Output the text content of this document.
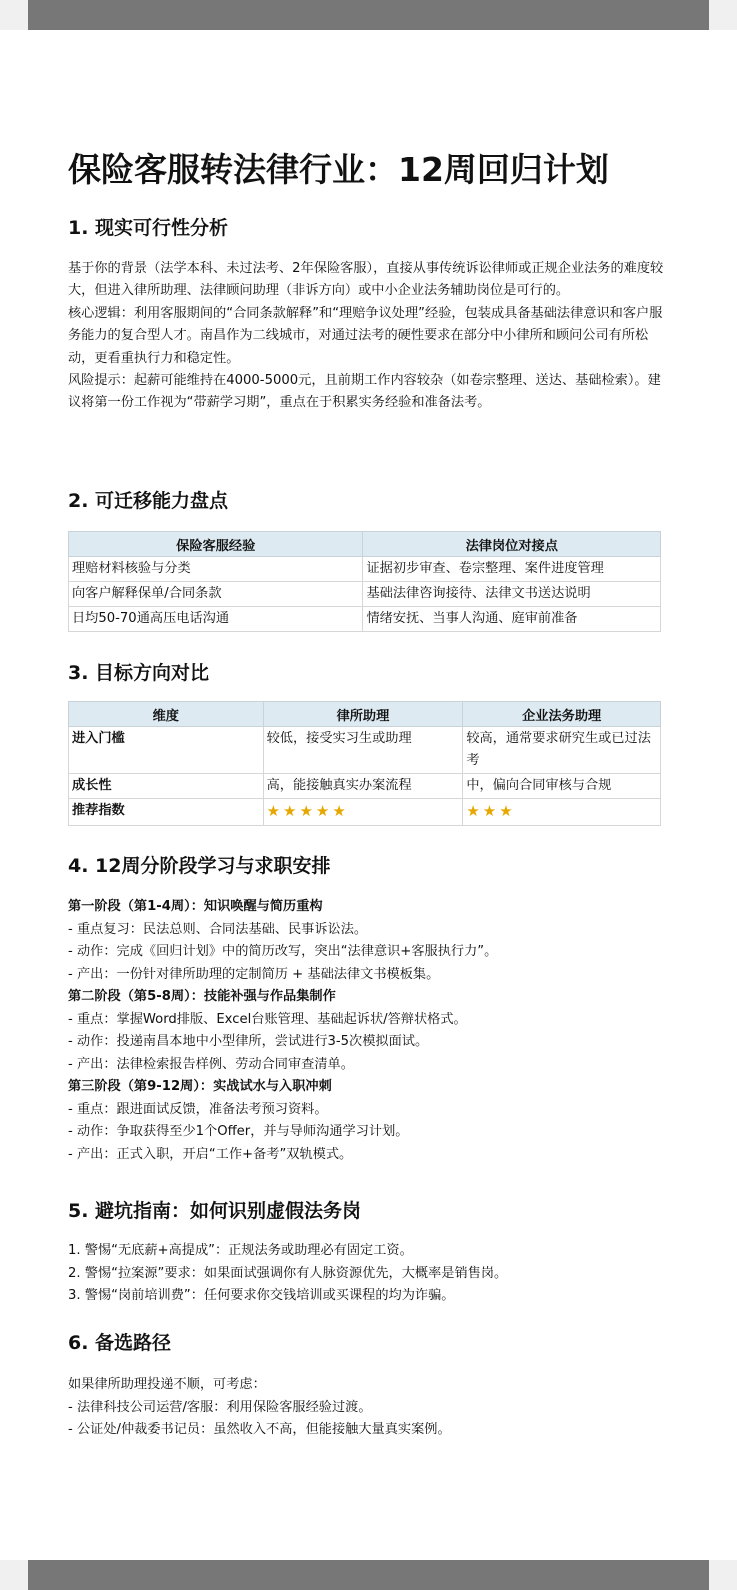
保险客服转法律行业：12周回归计划
1. 现实可行性分析

基于你的背景（法学本科、未过法考、2年保险客服），直接从事传统诉讼律师或正规企业法务的难度较大，但进入律所助理、法律顾问助理（非诉方向）或中小企业法务辅助岗位是可行的。

核心逻辑：利用客服期间的“合同条款解释”和“理赔争议处理”经验，包装成具备基础法律意识和客户服务能力的复合型人才。南昌作为二线城市，对通过法考的硬性要求在部分中小律所和顾问公司有所松动，更看重执行力和稳定性。

风险提示：起薪可能维持在4000-5000元，且前期工作内容较杂（如卷宗整理、送达、基础检索）。建议将第一份工作视为“带薪学习期”，重点在于积累实务经验和准备法考。

2. 可迁移能力盘点
保险客服经验	法律岗位对接点
理赔材料核验与分类	证据初步审查、卷宗整理、案件进度管理
向客户解释保单/合同条款	基础法律咨询接待、法律文书送达说明
日均50-70通高压电话沟通	情绪安抚、当事人沟通、庭审前准备
3. 目标方向对比
维度	律所助理	企业法务助理
进入门槛	较低，接受实习生或助理	较高，通常要求研究生或已过法考
成长性	高，能接触真实办案流程	中，偏向合同审核与合规
推荐指数	★★★★★	★★★
4. 12周分阶段学习与求职安排
第一阶段（第1-4周）：知识唤醒与简历重构
- 重点复习：民法总则、合同法基础、民事诉讼法。
- 动作：完成《回归计划》中的简历改写，突出“法律意识+客服执行力”。
- 产出：一份针对律所助理的定制简历 + 基础法律文书模板集。
第二阶段（第5-8周）：技能补强与作品集制作
- 重点：掌握Word排版、Excel台账管理、基础起诉状/答辩状格式。
- 动作：投递南昌本地中小型律所，尝试进行3-5次模拟面试。
- 产出：法律检索报告样例、劳动合同审查清单。
第三阶段（第9-12周）：实战试水与入职冲刺
- 重点：跟进面试反馈，准备法考预习资料。
- 动作：争取获得至少1个Offer，并与导师沟通学习计划。
- 产出：正式入职，开启“工作+备考”双轨模式。
5. 避坑指南：如何识别虚假法务岗
1. 警惕“无底薪+高提成”：正规法务或助理必有固定工资。
2. 警惕“拉案源”要求：如果面试强调你有人脉资源优先，大概率是销售岗。
3. 警惕“岗前培训费”：任何要求你交钱培训或买课程的均为诈骗。
6. 备选路径
如果律所助理投递不顺，可考虑：
- 法律科技公司运营/客服：利用保险客服经验过渡。
- 公证处/仲裁委书记员：虽然收入不高，但能接触大量真实案例。
